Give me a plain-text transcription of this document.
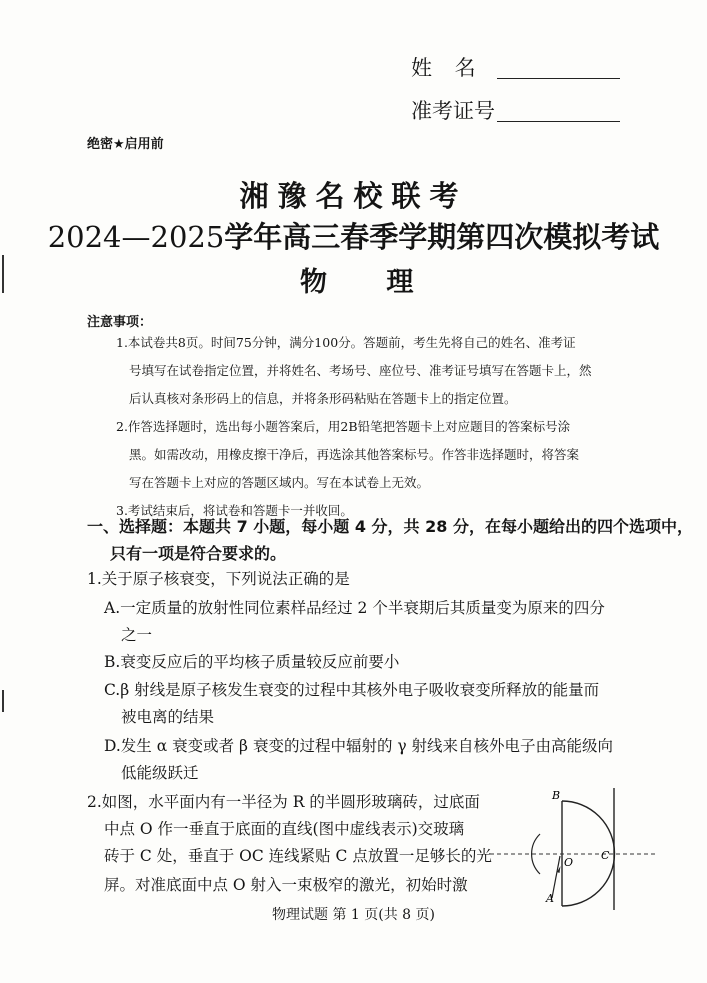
姓 名
准考证号
绝密★启用前
湘豫名校联考
2024—2025学年高三春季学期第四次模拟考试
物 理
注意事项：
1.本试卷共8页。时间75分钟，满分100分。答题前，考生先将自己的姓名、准考证
号填写在试卷指定位置，并将姓名、考场号、座位号、准考证号填写在答题卡上，然
后认真核对条形码上的信息，并将条形码粘贴在答题卡上的指定位置。
2.作答选择题时，选出每小题答案后，用2B铅笔把答题卡上对应题目的答案标号涂
黑。如需改动，用橡皮擦干净后，再选涂其他答案标号。作答非选择题时，将答案
写在答题卡上对应的答题区域内。写在本试卷上无效。
3.考试结束后，将试卷和答题卡一并收回。
一、选择题：本题共 7 小题，每小题 4 分，共 28 分，在每小题给出的四个选项中，
只有一项是符合要求的。
1.关于原子核衰变，下列说法正确的是
A.一定质量的放射性同位素样品经过 2 个半衰期后其质量变为原来的四分
之一
B.衰变反应后的平均核子质量较反应前要小
C.β 射线是原子核发生衰变的过程中其核外电子吸收衰变所释放的能量而
被电离的结果
D.发生 α 衰变或者 β 衰变的过程中辐射的 γ 射线来自核外电子由高能级向
低能级跃迁
2.如图，水平面内有一半径为 R 的半圆形玻璃砖，过底面
中点 O 作一垂直于底面的直线(图中虚线表示)交玻璃
砖于 C 处，垂直于 OC 连线紧贴 C 点放置一足够长的光
屏。对准底面中点 O 射入一束极窄的激光，初始时激
B
O
C
A
物理试题 第 1 页(共 8 页)
